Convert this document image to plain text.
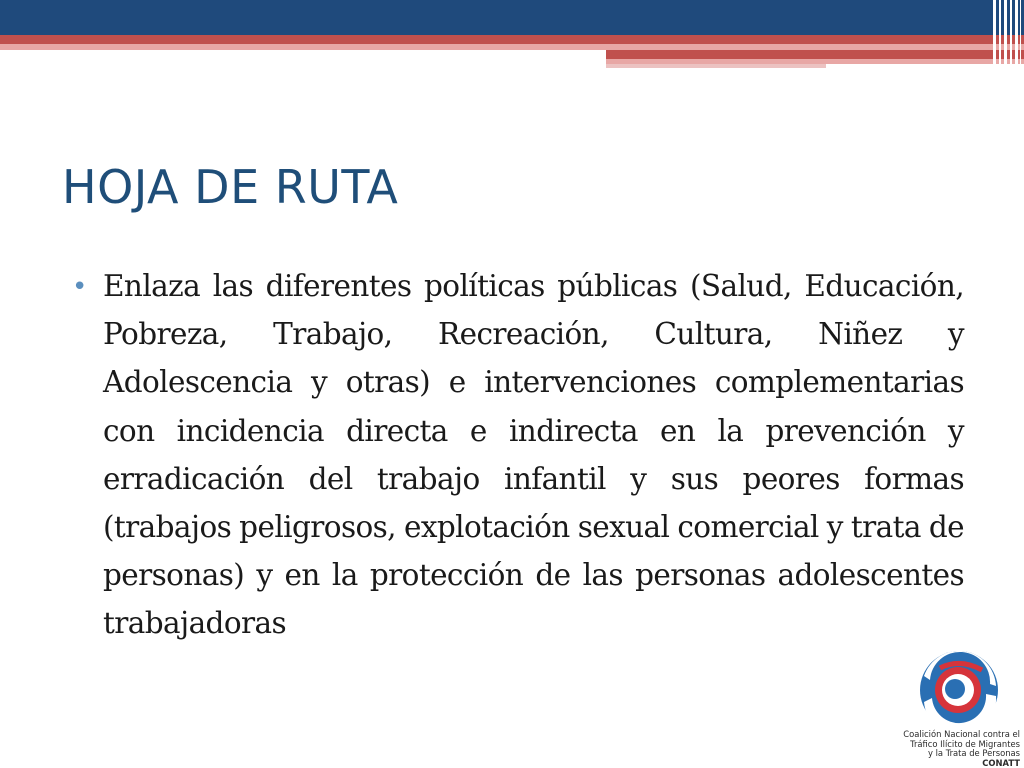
HOJA DE RUTA
• Enlaza las diferentes políticas públicas (Salud, Educación, Pobreza, Trabajo, Recreación, Cultura, Niñez y Adolescencia y otras) e intervenciones complementarias con incidencia directa e indirecta en la prevención y erradicación del trabajo infantil y sus peores formas (trabajos peligrosos, explotación sexual comercial y trata de personas) y en la protección de las personas adolescentes trabajadoras
Coalición Nacional contra el
Tráfico Ilícito de Migrantes
y la Trata de Personas
CONATT
